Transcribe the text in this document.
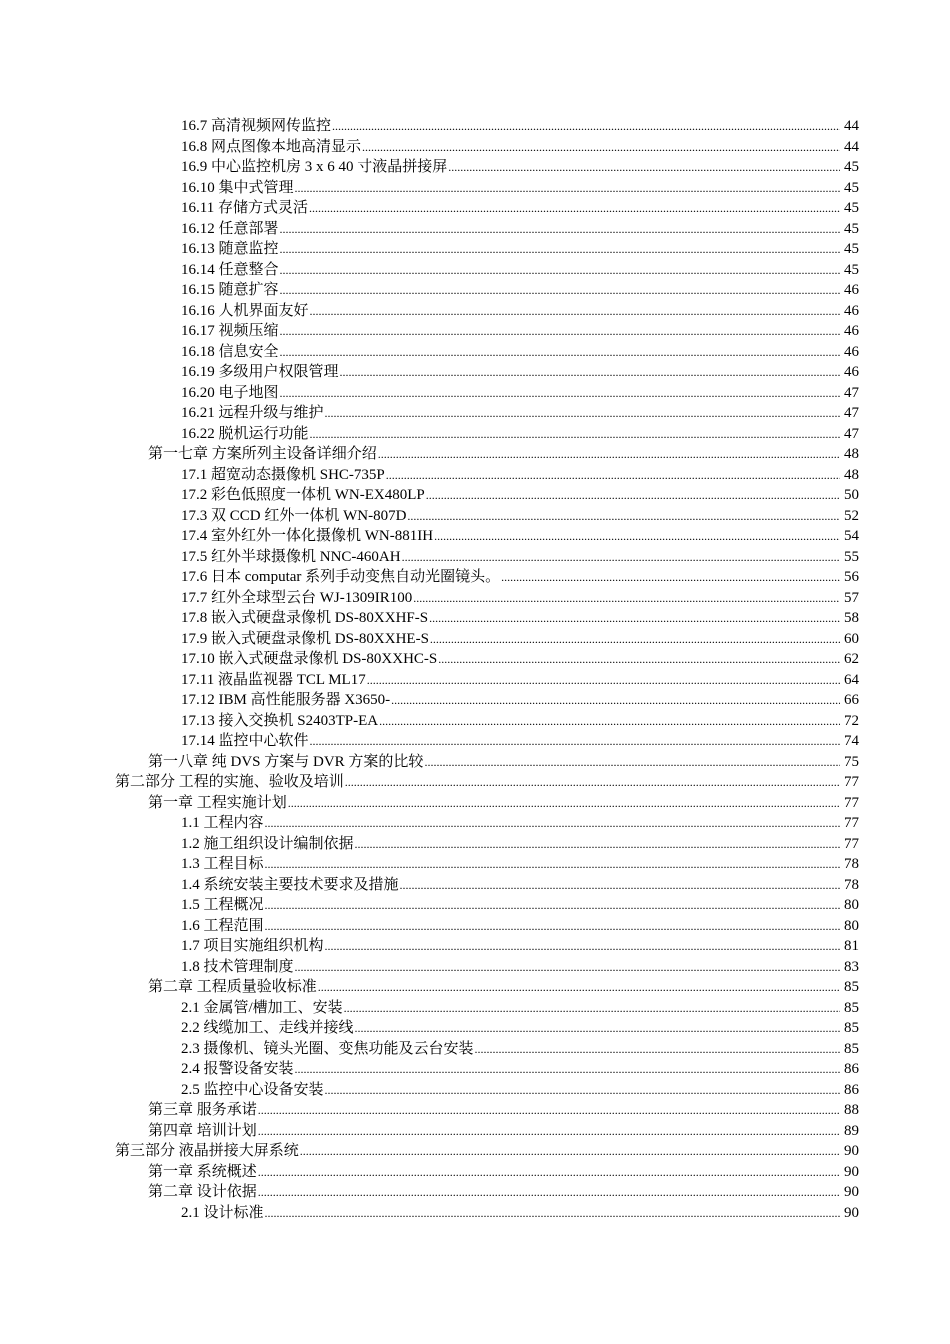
16.7 高清视频网传监控 .....	44
16.8 网点图像本地高清显示 .....	44
16.9 中心监控机房 3 x 6 40 寸液晶拼接屏 .....	45
16.10 集中式管理 .....	45
16.11 存储方式灵活 .....	45
16.12 任意部署 .....	45
16.13 随意监控 .....	45
16.14 任意整合 .....	45
16.15 随意扩容 .....	46
16.16 人机界面友好 .....	46
16.17 视频压缩 .....	46
16.18 信息安全 .....	46
16.19 多级用户权限管理 .....	46
16.20 电子地图 .....	47
16.21 远程升级与维护 .....	47
16.22 脱机运行功能 .....	47
第一七章 方案所列主设备详细介绍 .....	48
17.1 超宽动态摄像机 SHC-735P .....	48
17.2 彩色低照度一体机 WN-EX480LP .....	50
17.3 双 CCD 红外一体机 WN-807D .....	52
17.4 室外红外一体化摄像机 WN-881IH .....	54
17.5 红外半球摄像机 NNC-460AH .....	55
17.6 日本 computar 系列手动变焦自动光圈镜头。 .....	56
17.7 红外全球型云台 WJ-1309IR100 .....	57
17.8 嵌入式硬盘录像机 DS-80XXHF-S .....	58
17.9 嵌入式硬盘录像机 DS-80XXHE-S .....	60
17.10 嵌入式硬盘录像机 DS-80XXHC-S .....	62
17.11 液晶监视器 TCL ML17 .....	64
17.12 IBM 高性能服务器 X3650- .....	66
17.13 接入交换机 S2403TP-EA .....	72
17.14 监控中心软件 .....	74
第一八章 纯 DVS 方案与 DVR 方案的比较 .....	75
第二部分 工程的实施、验收及培训 .....	77
第一章 工程实施计划 .....	77
1.1 工程内容 .....	77
1.2 施工组织设计编制依据 .....	77
1.3 工程目标 .....	78
1.4 系统安装主要技术要求及措施 .....	78
1.5 工程概况 .....	80
1.6 工程范围 .....	80
1.7 项目实施组织机构 .....	81
1.8 技术管理制度 .....	83
第二章 工程质量验收标准 .....	85
2.1 金属管/槽加工、安装 .....	85
2.2 线缆加工、走线并接线 .....	85
2.3 摄像机、镜头光圈、变焦功能及云台安装 .....	85
2.4 报警设备安装 .....	86
2.5 监控中心设备安装 .....	86
第三章 服务承诺 .....	88
第四章 培训计划 .....	89
第三部分 液晶拼接大屏系统 .....	90
第一章 系统概述 .....	90
第二章 设计依据 .....	90
2.1 设计标准 .....	90
